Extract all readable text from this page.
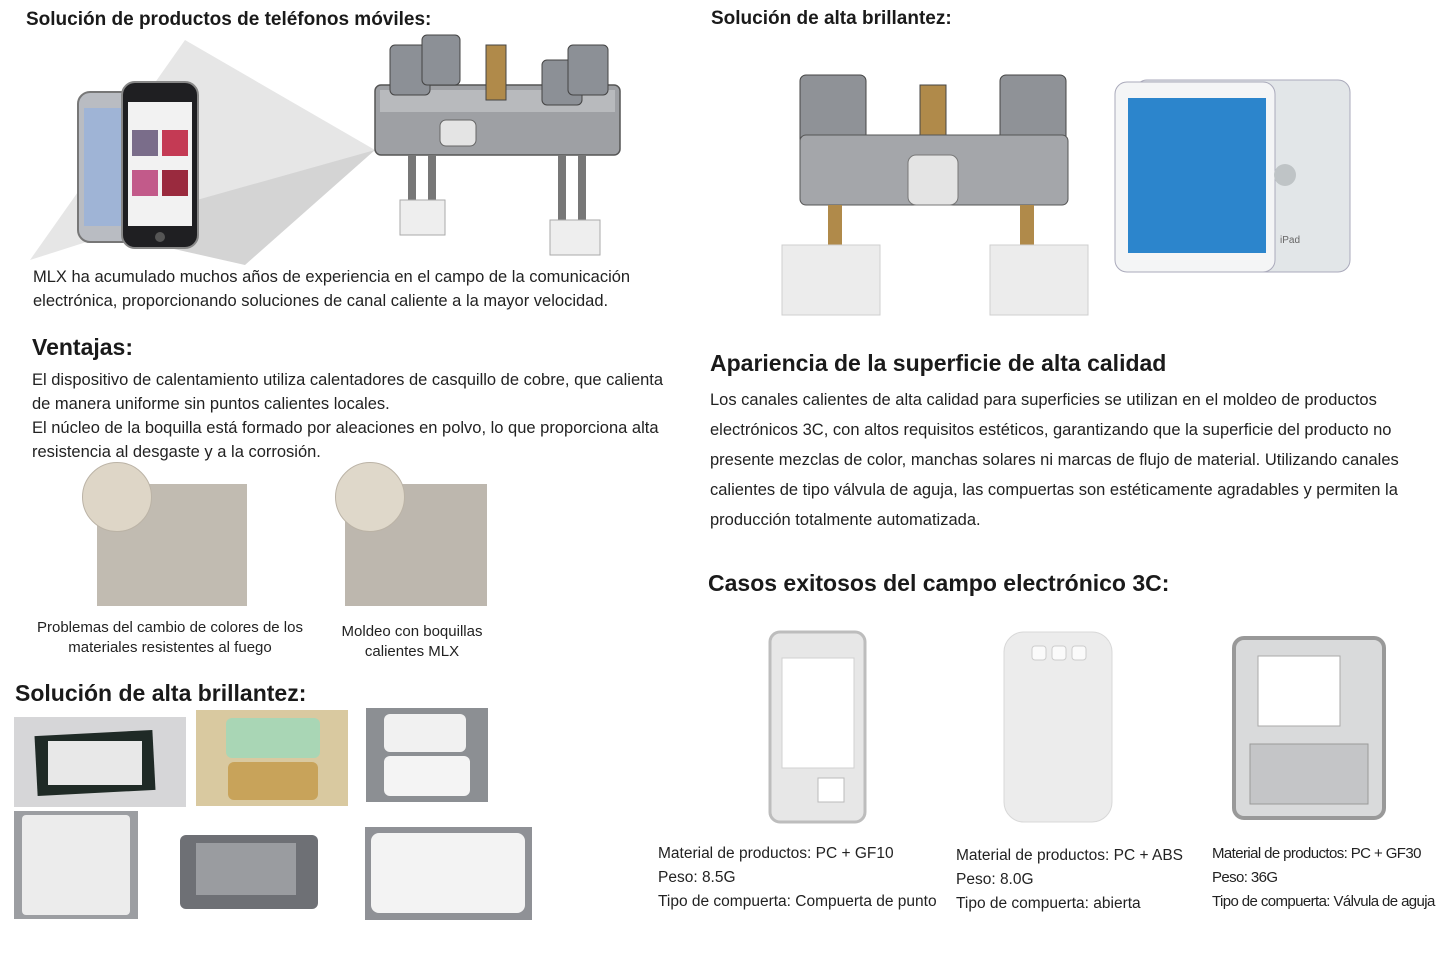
Solución de productos de teléfonos móviles:
MLX ha acumulado muchos años de experiencia en el campo de la comunicación electrónica, proporcionando soluciones de canal caliente a la mayor velocidad.
Ventajas:
El dispositivo de calentamiento utiliza calentadores de casquillo de cobre, que calienta de manera uniforme sin puntos calientes locales.
El núcleo de la boquilla está formado por aleaciones en polvo, lo que proporciona alta resistencia al desgaste y a la corrosión.
Problemas del cambio de colores de los materiales resistentes al fuego
Moldeo con boquillas calientes MLX
Solución de alta brillantez:
Solución de alta brillantez:
iPad
Apariencia de la superficie de alta calidad
Los canales calientes de alta calidad para superficies se utilizan en el moldeo de productos electrónicos 3C, con altos requisitos estéticos, garantizando que la superficie del producto no presente mezclas de color, manchas solares ni marcas de flujo de material. Utilizando canales calientes de tipo válvula de aguja, las compuertas son estéticamente agradables y permiten la producción totalmente automatizada.
Casos exitosos del campo electrónico 3C:
Material de productos: PC + GF10
Peso: 8.5G
Tipo de compuerta: Compuerta de punto
Material de productos: PC + ABS
Peso: 8.0G
Tipo de compuerta: abierta
Material de productos: PC + GF30
Peso: 36G
Tipo de compuerta: Válvula de aguja
